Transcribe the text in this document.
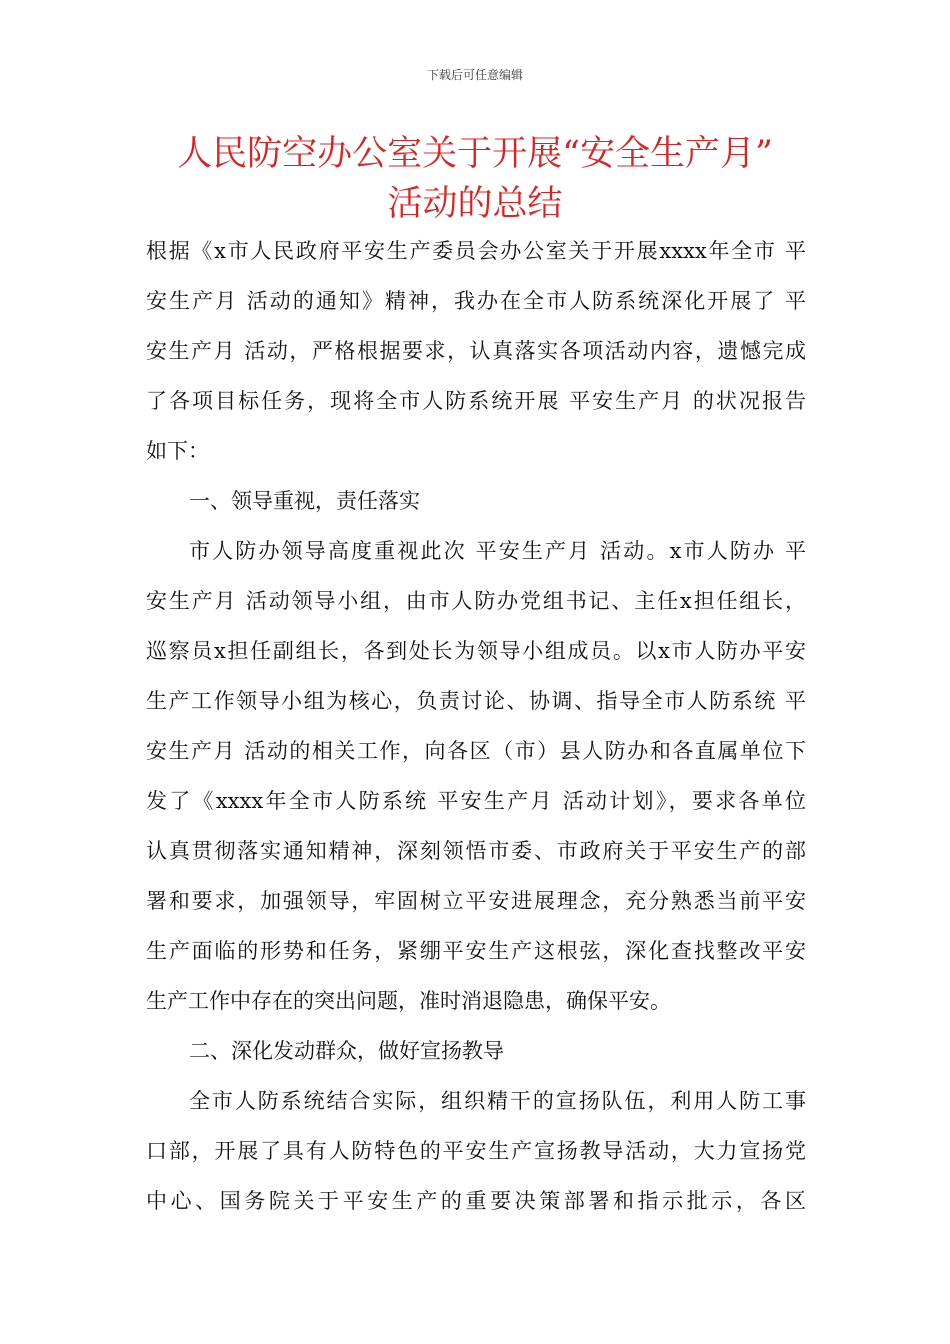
下载后可任意编辑
人民防空办公室关于开展“安全生产月”
活动的总结
根据《x市人民政府平安生产委员会办公室关于开展xxxx年全市 平
安生产月 活动的通知》精神，我办在全市人防系统深化开展了 平
安生产月 活动，严格根据要求，认真落实各项活动内容，遗憾完成
了各项目标任务，现将全市人防系统开展 平安生产月 的状况报告
如下：
一、领导重视，责任落实
市人防办领导高度重视此次 平安生产月 活动。x市人防办 平
安生产月 活动领导小组，由市人防办党组书记、主任x担任组长，
巡察员x担任副组长，各到处长为领导小组成员。以x市人防办平安
生产工作领导小组为核心，负责讨论、协调、指导全市人防系统 平
安生产月 活动的相关工作，向各区（市）县人防办和各直属单位下
发了《xxxx年全市人防系统 平安生产月 活动计划》，要求各单位
认真贯彻落实通知精神，深刻领悟市委、市政府关于平安生产的部
署和要求，加强领导，牢固树立平安进展理念，充分熟悉当前平安
生产面临的形势和任务，紧绷平安生产这根弦，深化查找整改平安
生产工作中存在的突出问题，准时消退隐患，确保平安。
二、深化发动群众，做好宣扬教导
全市人防系统结合实际，组织精干的宣扬队伍，利用人防工事
口部，开展了具有人防特色的平安生产宣扬教导活动，大力宣扬党
中心、国务院关于平安生产的重要决策部署和指示批示，各区
